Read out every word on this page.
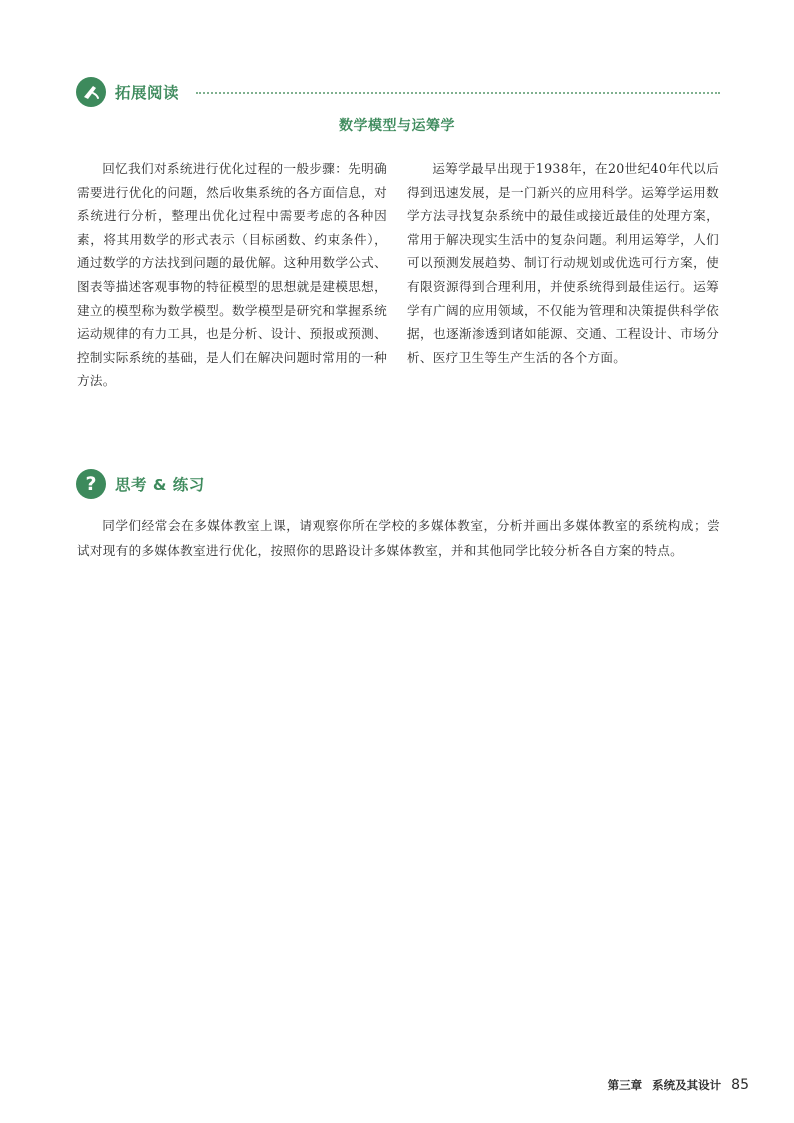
拓展阅读
数学模型与运筹学

回忆我们对系统进行优化过程的一般步骤：先明确需要进行优化的问题，然后收集系统的各方面信息，对系统进行分析，整理出优化过程中需要考虑的各种因素，将其用数学的形式表示（目标函数、约束条件），通过数学的方法找到问题的最优解。这种用数学公式、图表等描述客观事物的特征模型的思想就是建模思想，建立的模型称为数学模型。数学模型是研究和掌握系统运动规律的有力工具，也是分析、设计、预报或预测、控制实际系统的基础，是人们在解决问题时常用的一种方法。

运筹学最早出现于1938年，在20世纪40年代以后得到迅速发展，是一门新兴的应用科学。运筹学运用数学方法寻找复杂系统中的最佳或接近最佳的处理方案，常用于解决现实生活中的复杂问题。利用运筹学，人们可以预测发展趋势、制订行动规划或优选可行方案，使有限资源得到合理利用，并使系统得到最佳运行。运筹学有广阔的应用领域，不仅能为管理和决策提供科学依据，也逐渐渗透到诸如能源、交通、工程设计、市场分析、医疗卫生等生产生活的各个方面。

? 思考 & 练习

同学们经常会在多媒体教室上课，请观察你所在学校的多媒体教室，分析并画出多媒体教室的系统构成；尝试对现有的多媒体教室进行优化，按照你的思路设计多媒体教室，并和其他同学比较分析各自方案的特点。

第三章 系统及其设计 85
